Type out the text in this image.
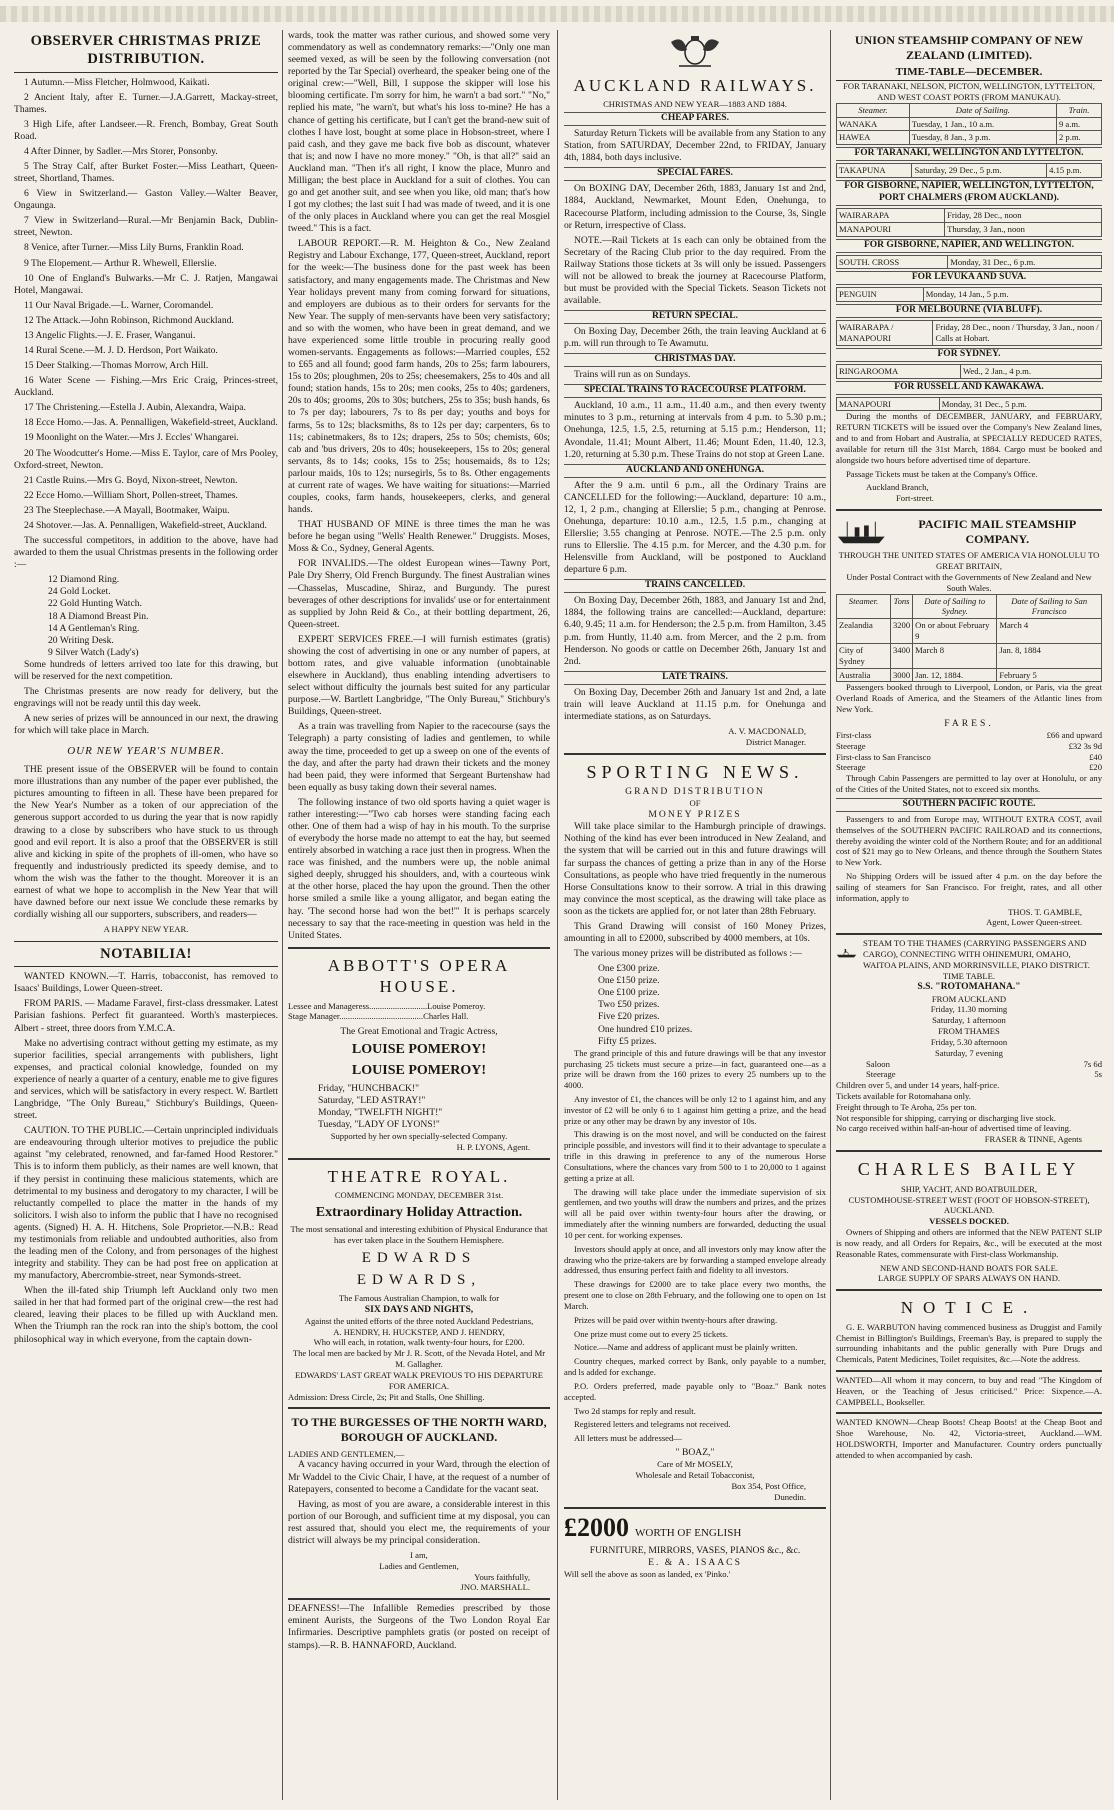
OBSERVER CHRISTMAS PRIZE DISTRIBUTION.

1 Autumn.—Miss Fletcher, Holmwood, Kaikati.

2 Ancient Italy, after E. Turner.—J.A.Garrett, Mackay-street, Thames.

3 High Life, after Landseer.—R. French, Bombay, Great South Road.

4 After Dinner, by Sadler.—Mrs Storer, Ponsonby.

5 The Stray Calf, after Burket Foster.—Miss Leathart, Queen-street, Shortland, Thames.

6 View in Switzerland.— Gaston Valley.—Walter Beaver, Ongaunga.

7 View in Switzerland—Rural.—Mr Benjamin Back, Dublin-street, Newton.

8 Venice, after Turner.—Miss Lily Burns, Franklin Road.

9 The Elopement.— Arthur R. Whewell, Ellerslie.

10 One of England's Bulwarks.—Mr C. J. Ratjen, Mangawai Hotel, Mangawai.

11 Our Naval Brigade.—L. Warner, Coromandel.

12 The Attack.—John Robinson, Richmond Auckland.

13 Angelic Flights.—J. E. Fraser, Wanganui.

14 Rural Scene.—M. J. D. Herdson, Port Waikato.

15 Deer Stalking.—Thomas Morrow, Arch Hill.

16 Water Scene — Fishing.—Mrs Eric Craig, Princes-street, Auckland.

17 The Christening.—Estella J. Aubin, Alexandra, Waipa.

18 Ecce Homo.—Jas. A. Pennalligen, Wakefield-street, Auckland.

19 Moonlight on the Water.—Mrs J. Eccles' Whangarei.

20 The Woodcutter's Home.—Miss E. Taylor, care of Mrs Pooley, Oxford-street, Newton.

21 Castle Ruins.—Mrs G. Boyd, Nixon-street, Newton.

22 Ecce Homo.—William Short, Pollen-street, Thames.

23 The Steeplechase.—A Mayall, Bootmaker, Waipu.

24 Shotover.—Jas. A. Pennalligen, Wakefield-street, Auckland.

The successful competitors, in addition to the above, have had awarded to them the usual Christmas presents in the following order :—

12 Diamond Ring.
24 Gold Locket.
22 Gold Hunting Watch.
18 A Diamond Breast Pin.
14 A Gentleman's Ring.
20 Writing Desk.
9 Silver Watch (Lady's)

Some hundreds of letters arrived too late for this drawing, but will be reserved for the next competition.

The Christmas presents are now ready for delivery, but the engravings will not be ready until this day week.

A new series of prizes will be announced in our next, the drawing for which will take place in March.

OUR NEW YEAR'S NUMBER.

THE present issue of the OBSERVER will be found to contain more illustrations than any number of the paper ever published, the pictures amounting to fifteen in all. These have been prepared for the New Year's Number as a token of our appreciation of the generous support accorded to us during the year that is now rapidly drawing to a close by subscribers who have stuck to us through good and evil report. It is also a proof that the OBSERVER is still alive and kicking in spite of the prophets of ill-omen, who have so frequently and industriously predicted its speedy demise, and to whom the wish was the father to the thought. Moreover it is an earnest of what we hope to accomplish in the New Year that will have dawned before our next issue We conclude these remarks by cordially wishing all our supporters, subscribers, and readers—

A HAPPY NEW YEAR.
NOTABILIA!

WANTED KNOWN.—T. Harris, tobacconist, has removed to Isaacs' Buildings, Lower Queen-street.

FROM PARIS. — Madame Faravel, first-class dressmaker. Latest Parisian fashions. Perfect fit guaranteed. Worth's masterpieces. Albert - street, three doors from Y.M.C.A.

Make no advertising contract without getting my estimate, as my superior facilities, special arrangements with publishers, light expenses, and practical colonial knowledge, founded on my experience of nearly a quarter of a century, enable me to give figures and services, which will be satisfactory in every respect. W. Bartlett Langbridge, "The Only Bureau," Stichbury's Buildings, Queen-street.

CAUTION. TO THE PUBLIC.—Certain unprincipled individuals are endeavouring through ulterior motives to prejudice the public against "my celebrated, renowned, and far-famed Hood Restorer." This is to inform them publicly, as their names are well known, that if they persist in continuing these malicious statements, which are detrimental to my business and derogatory to my character, I will be reluctantly compelled to place the matter in the hands of my solicitors. I wish also to inform the public that I have no recognised agents. (Signed) H. A. H. Hitchens, Sole Proprietor.—N.B.: Read my testimonials from reliable and undoubted authorities, also from the leading men of the Colony, and from personages of the highest integrity and stability. They can be had post free on application at my manufactory, Abercrombie-street, near Symonds-street.

When the ill-fated ship Triumph left Auckland only two men sailed in her that had formed part of the original crew—the rest had cleared, leaving their places to be filled up with Auckland men. When the Triumph ran the rock ran into the ship's bottom, the cool philosophical way in which everyone, from the captain down-

wards, took the matter was rather curious, and showed some very commendatory as well as condemnatory remarks:—"Only one man seemed vexed, as will be seen by the following conversation (not reported by the Tar Special) overheard, the speaker being one of the original crew:—"Well, Bill, I suppose the skipper will lose his blooming certificate. I'm sorry for him, he warn't a bad sort." "No," replied his mate, "he warn't, but what's his loss to-mine? He has a chance of getting his certificate, but I can't get the brand-new suit of clothes I have lost, bought at some place in Hobson-street, where I paid cash, and they gave me back five bob as discount, whatever that is; and now I have no more money." "Oh, is that all?" said an Auckland man. "Then it's all right, I know the place, Munro and Milligan; the best place in Auckland for a suit of clothes. You can go and get another suit, and see when you like, old man; that's how I got my clothes; the last suit I had was made of tweed, and it is one of the only places in Auckland where you can get the real Mosgiel tweed." This is a fact.

LABOUR REPORT.—R. M. Heighton & Co., New Zealand Registry and Labour Exchange, 177, Queen-street, Auckland, report for the week:—The business done for the past week has been satisfactory, and many engagements made. The Christmas and New Year holidays prevent many from coming forward for situations, and employers are dubious as to their orders for servants for the New Year. The supply of men-servants have been very satisfactory; and so with the women, who have been in great demand, and we have experienced some little trouble in procuring really good women-servants. Engagements as follows:—Married couples, £52 to £65 and all found; good farm hands, 20s to 25s; farm labourers, 15s to 20s; ploughmen, 20s to 25s; cheesemakers, 25s to 40s and all found; station hands, 15s to 20s; men cooks, 25s to 40s; gardeners, 20s to 40s; grooms, 20s to 30s; butchers, 25s to 35s; bush hands, 6s to 7s per day; labourers, 7s to 8s per day; youths and boys for farms, 5s to 12s; blacksmiths, 8s to 12s per day; carpenters, 6s to 11s; cabinetmakers, 8s to 12s; drapers, 25s to 50s; chemists, 60s; cab and 'bus drivers, 20s to 40s; housekeepers, 15s to 20s; general servants, 8s to 14s; cooks, 15s to 25s; housemaids, 8s to 12s; parlour maids, 10s to 12s; nursegirls, 5s to 8s. Other engagements at current rate of wages. We have waiting for situations:—Married couples, cooks, farm hands, housekeepers, clerks, and general hands.

THAT HUSBAND OF MINE is three times the man he was before he began using "Wells' Health Renewer." Druggists. Moses, Moss & Co., Sydney, General Agents.

FOR INVALIDS.—The oldest European wines—Tawny Port, Pale Dry Sherry, Old French Burgundy. The finest Australian wines—Chasselas, Muscadine, Shiraz, and Burgundy. The purest beverages of other descriptions for invalids' use or for entertainment as supplied by John Reid & Co., at their bottling department, 26, Queen-street.

EXPERT SERVICES FREE.—I will furnish estimates (gratis) showing the cost of advertising in one or any number of papers, at bottom rates, and give valuable information (unobtainable elsewhere in Auckland), thus enabling intending advertisers to select without difficulty the journals best suited for any particular purpose.—W. Bartlett Langbridge, "The Only Bureau," Stichbury's Buildings, Queen-street.

As a train was travelling from Napier to the racecourse (says the Telegraph) a party consisting of ladies and gentlemen, to while away the time, proceeded to get up a sweep on one of the events of the day, and after the party had drawn their tickets and the money had been paid, they were informed that Sergeant Burtenshaw had been equally as busy taking down their several names.

The following instance of two old sports having a quiet wager is rather interesting:—"Two cab horses were standing facing each other. One of them had a wisp of hay in his mouth. To the surprise of everybody the horse made no attempt to eat the hay, but seemed entirely absorbed in watching a race just then in progress. When the race was finished, and the numbers were up, the noble animal sighed deeply, shrugged his shoulders, and, with a courteous wink at the other horse, placed the hay upon the ground. Then the other horse smiled a smile like a young alligator, and began eating the hay. 'The second horse had won the bet!'" It is perhaps scarcely necessary to say that the race-meeting in question was held in the United States.

ABBOTT'S OPERA HOUSE.
Lessee and Manageress...........................Louise Pomeroy.
Stage Manager.......................................Charles Hall.
The Great Emotional and Tragic Actress,
LOUISE POMEROY!
LOUISE POMEROY!
Friday, "HUNCHBACK!"
Saturday, "LED ASTRAY!"
Monday, "TWELFTH NIGHT!"
Tuesday, "LADY OF LYONS!"
Supported by her own specially-selected Company.
H. P. LYONS, Agent.
THEATRE ROYAL.
COMMENCING MONDAY, DECEMBER 31st.
Extraordinary Holiday Attraction.
The most sensational and interesting exhibition of Physical Endurance that has ever taken place in the Southern Hemisphere.
EDWARDS
EDWARDS,
The Famous Australian Champion, to walk for
SIX DAYS AND NIGHTS,
Against the united efforts of the three noted Auckland Pedestrians,
A. HENDRY, H. HUCKSTEP, AND J. HENDRY,
Who will each, in rotation, walk twenty-four hours, for £200.
The local men are backed by Mr J. R. Scott, of the Nevada Hotel, and Mr M. Gallagher.
EDWARDS' LAST GREAT WALK PREVIOUS TO HIS DEPARTURE FOR AMERICA.
Admission: Dress Circle, 2s; Pit and Stalls, One Shilling.
TO THE BURGESSES OF THE NORTH WARD, BOROUGH OF AUCKLAND.
LADIES AND GENTLEMEN,—

A vacancy having occurred in your Ward, through the election of Mr Waddel to the Civic Chair, I have, at the request of a number of Ratepayers, consented to become a Candidate for the vacant seat.

Having, as most of you are aware, a considerable interest in this portion of our Borough, and sufficient time at my disposal, you can rest assured that, should you elect me, the requirements of your district will always be my principal consideration.

I am,
Ladies and Gentlemen,
Yours faithfully,
JNO. MARSHALL.

DEAFNESS!—The Infallible Remedies prescribed by those eminent Aurists, the Surgeons of the Two London Royal Ear Infirmaries. Descriptive pamphlets gratis (or posted on receipt of stamps).—R. B. HANNAFORD, Auckland.

AUCKLAND RAILWAYS.
CHRISTMAS AND NEW YEAR—1883 AND 1884.
CHEAP FARES.

Saturday Return Tickets will be available from any Station to any Station, from SATURDAY, December 22nd, to FRIDAY, January 4th, 1884, both days inclusive.

SPECIAL FARES.

On BOXING DAY, December 26th, 1883, January 1st and 2nd, 1884, Auckland, Newmarket, Mount Eden, Onehunga, to Racecourse Platform, including admission to the Course, 3s, Single or Return, irrespective of Class.

NOTE.—Rail Tickets at 1s each can only be obtained from the Secretary of the Racing Club prior to the day required. From the Railway Stations those tickets at 3s will only be issued. Passengers will not be allowed to break the journey at Racecourse Platform, but must be provided with the Special Tickets. Season Tickets not available.

RETURN SPECIAL.

On Boxing Day, December 26th, the train leaving Auckland at 6 p.m. will run through to Te Awamutu.

CHRISTMAS DAY.

Trains will run as on Sundays.

SPECIAL TRAINS TO RACECOURSE PLATFORM.

Auckland, 10 a.m., 11 a.m., 11.40 a.m., and then every twenty minutes to 3 p.m., returning at intervals from 4 p.m. to 5.30 p.m.; Onehunga, 12.5, 1.5, 2.5, returning at 5.15 p.m.; Henderson, 11; Avondale, 11.41; Mount Albert, 11.46; Mount Eden, 11.40, 12.3, 1.20, returning at 5.30 p.m. These Trains do not stop at Green Lane.

AUCKLAND AND ONEHUNGA.

After the 9 a.m. until 6 p.m., all the Ordinary Trains are CANCELLED for the following:—Auckland, departure: 10 a.m., 12, 1, 2 p.m., changing at Ellerslie; 5 p.m., changing at Penrose. Onehunga, departure: 10.10 a.m., 12.5, 1.5 p.m., changing at Ellerslie; 3.55 changing at Penrose. NOTE.—The 2.5 p.m. only runs to Ellerslie. The 4.15 p.m. for Mercer, and the 4.30 p.m. for Helensville from Auckland, will be postponed to Auckland departure 6 p.m.

TRAINS CANCELLED.

On Boxing Day, December 26th, 1883, and January 1st and 2nd, 1884, the following trains are cancelled:—Auckland, departure: 6.40, 9.45; 11 a.m. for Henderson; the 2.5 p.m. from Hamilton, 3.45 p.m. from Huntly, 11.40 a.m. from Mercer, and the 2 p.m. from Henderson. No goods or cattle on December 26th, January 1st and 2nd.

LATE TRAINS.

On Boxing Day, December 26th and January 1st and 2nd, a late train will leave Auckland at 11.15 p.m. for Onehunga and intermediate stations, as on Saturdays.

A. V. MACDONALD,
District Manager.
SPORTING NEWS.
GRAND DISTRIBUTION
OF
MONEY PRIZES

Will take place similar to the Hamburgh principle of drawings. Nothing of the kind has ever been introduced in New Zealand, and the system that will be carried out in this and future drawings will far surpass the chances of getting a prize than in any of the Horse Consultations, as people who have tried frequently in the numerous Horse Consultations know to their sorrow. A trial in this drawing may convince the most sceptical, as the drawing will take place as soon as the tickets are applied for, or not later than 28th February.

This Grand Drawing will consist of 160 Money Prizes, amounting in all to £2000, subscribed by 4000 members, at 10s.

The various money prizes will be distributed as follows :—

One £300 prize.
One £150 prize.
One £100 prize.
Two £50 prizes.
Five £20 prizes.
One hundred £10 prizes.
Fifty £5 prizes.

The grand principle of this and future drawings will be that any investor purchasing 25 tickets must secure a prize—in fact, guaranteed one—as a prize will be drawn from the 160 prizes to every 25 numbers up to the 4000.

Any investor of £1, the chances will be only 12 to 1 against him, and any investor of £2 will be only 6 to 1 against him getting a prize, and the head prize or any other may be drawn by any investor of 10s.

This drawing is on the most novel, and will be conducted on the fairest principle possible, and investors will find it to their advantage to speculate a trifle in this drawing in preference to any of the numerous Horse Consultations, where the chances vary from 500 to 1 to 20,000 to 1 against getting a prize at all.

The drawing will take place under the immediate supervision of six gentlemen, and two youths will draw the numbers and prizes, and the prizes will all be paid over within twenty-four hours after the drawing, or immediately after the winning numbers are forwarded, deducting the usual 10 per cent. for working expenses.

Investors should apply at once, and all investors only may know after the drawing who the prize-takers are by forwarding a stamped envelope already addressed, thus ensuring perfect faith and fidelity to all investors.

These drawings for £2000 are to take place every two months, the present one to close on 28th February, and the following one to open on 1st March.

Prizes will be paid over within twenty-hours after drawing.

One prize must come out to every 25 tickets.

Notice.—Name and address of applicant must be plainly written.

Country cheques, marked correct by Bank, only payable to a number, and ls added for exchange.

P.O. Orders preferred, made payable only to "Boaz." Bank notes accepted.

Two 2d stamps for reply and result.

Registered letters and telegrams not received.

All letters must be addressed—

" BOAZ,"
Care of Mr MOSELY,
Wholesale and Retail Tobacconist,
Box 354, Post Office,
Dunedin.
£2000 WORTH OF ENGLISH
FURNITURE, MIRRORS, VASES, PIANOS &c., &c.
E. & A. ISAACS
Will sell the above as soon as landed, ex 'Pinko.'
UNION STEAMSHIP COMPANY OF NEW ZEALAND (LIMITED).
TIME-TABLE—DECEMBER.
FOR TARANAKI, NELSON, PICTON, WELLINGTON, LYTTELTON, AND WEST COAST PORTS (FROM MANUKAU).
Steamer.	Date of Sailing.	Train.
WANAKA	Tuesday, 1 Jan., 10 a.m.	9 a.m.
HAWEA	Tuesday, 8 Jan., 3 p.m.	2 p.m.
FOR TARANAKI, WELLINGTON AND LYTTELTON.
TAKAPUNA	Saturday, 29 Dec., 5 p.m.	4.15 p.m.
FOR GISBORNE, NAPIER, WELLINGTON, LYTTELTON, PORT CHALMERS (FROM AUCKLAND).
WAIRARAPA	Friday, 28 Dec., noon
MANAPOURI	Thursday, 3 Jan., noon
FOR GISBORNE, NAPIER, AND WELLINGTON.
SOUTH. CROSS	Monday, 31 Dec., 6 p.m.
FOR LEVUKA AND SUVA.
PENGUIN	Monday, 14 Jan., 5 p.m.
FOR MELBOURNE (VIA BLUFF).
WAIRARAPA / MANAPOURI	Friday, 28 Dec., noon / Thursday, 3 Jan., noon / Calls at Hobart.
FOR SYDNEY.
RINGAROOMA	Wed., 2 Jan., 4 p.m.
FOR RUSSELL AND KAWAKAWA.
MANAPOURI	Monday, 31 Dec., 5 p.m.

During the months of DECEMBER, JANUARY, and FEBRUARY, RETURN TICKETS will be issued over the Company's New Zealand lines, and to and from Hobart and Australia, at SPECIALLY REDUCED RATES, available for return till the 31st March, 1884. Cargo must be booked and alongside two hours before advertised time of departure.

Passage Tickets must be taken at the Company's Office.

Auckland Branch,
Fort-street.
PACIFIC MAIL STEAMSHIP COMPANY.
THROUGH THE UNITED STATES OF AMERICA VIA HONOLULU TO GREAT BRITAIN,
Under Postal Contract with the Governments of New Zealand and New South Wales.
Steamer.	Tons	Date of Sailing to Sydney.	Date of Sailing to San Francisco
Zealandia	3200	On or about February 9	March 4
City of Sydney	3400	March 8	Jan. 8, 1884
Australia	3000	Jan. 12, 1884.	February 5

Passengers booked through to Liverpool, London, or Paris, via the great Overland Roads of America, and the Steamers of the Atlantic lines from New York.

FARES.
First-class	£66 and upward
Steerage	£32 3s 9d
First-class to San Francisco	£40
Steerage	£20

Through Cabin Passengers are permitted to lay over at Honolulu, or any of the Cities of the United States, not to exceed six months.

SOUTHERN PACIFIC ROUTE.

Passengers to and from Europe may, WITHOUT EXTRA COST, avail themselves of the SOUTHERN PACIFIC RAILROAD and its connections, thereby avoiding the winter cold of the Northern Route; and for an additional cost of $21 may go to New Orleans, and thence through the Southern States to New York.

No Shipping Orders will be issued after 4 p.m. on the day before the sailing of steamers for San Francisco. For freight, rates, and all other information, apply to

THOS. T. GAMBLE,
Agent, Lower Queen-street.
STEAM TO THE THAMES (CARRYING PASSENGERS AND CARGO), CONNECTING WITH OHINEMURI, OMAHO, WAITOA PLAINS, AND MORRINSVILLE, PIAKO DISTRICT.
TIME TABLE.
S.S. "ROTOMAHANA."
FROM AUCKLAND
Friday, 11.30 morning
Saturday, 1 afternoon
FROM THAMES
Friday, 5.30 afternoon
Saturday, 7 evening
Saloon	7s 6d
Steerage	5s
Children over 5, and under 14 years, half-price.
Tickets available for Rotomahana only.
Freight through to Te Aroha, 25s per ton.
Not responsible for shipping, carrying or discharging live stock.
No cargo received within half-an-hour of advertised time of leaving.
FRASER & TINNE, Agents
CHARLES BAILEY
SHIP, YACHT, AND BOATBUILDER,
CUSTOMHOUSE-STREET WEST (FOOT OF HOBSON-STREET), AUCKLAND.
VESSELS DOCKED.

Owners of Shipping and others are informed that the NEW PATENT SLIP is now ready, and all Orders for Repairs, &c., will be executed at the most Reasonable Rates, commensurate with First-class Workmanship.

NEW AND SECOND-HAND BOATS FOR SALE.
LARGE SUPPLY OF SPARS ALWAYS ON HAND.
NOTICE.

G. E. WARBUTON having commenced business as Druggist and Family Chemist in Billington's Buildings, Freeman's Bay, is prepared to supply the surrounding inhabitants and the public generally with Pure Drugs and Chemicals, Patent Medicines, Toilet requisites, &c.—Note the address.

WANTED—All whom it may concern, to buy and read "The Kingdom of Heaven, or the Teaching of Jesus criticised." Price: Sixpence.—A. CAMPBELL, Bookseller.

WANTED KNOWN—Cheap Boots! Cheap Boots! at the Cheap Boot and Shoe Warehouse, No. 42, Victoria-street, Auckland.—WM. HOLDSWORTH, Importer and Manufacturer. Country orders punctually attended to when accompanied by cash.
